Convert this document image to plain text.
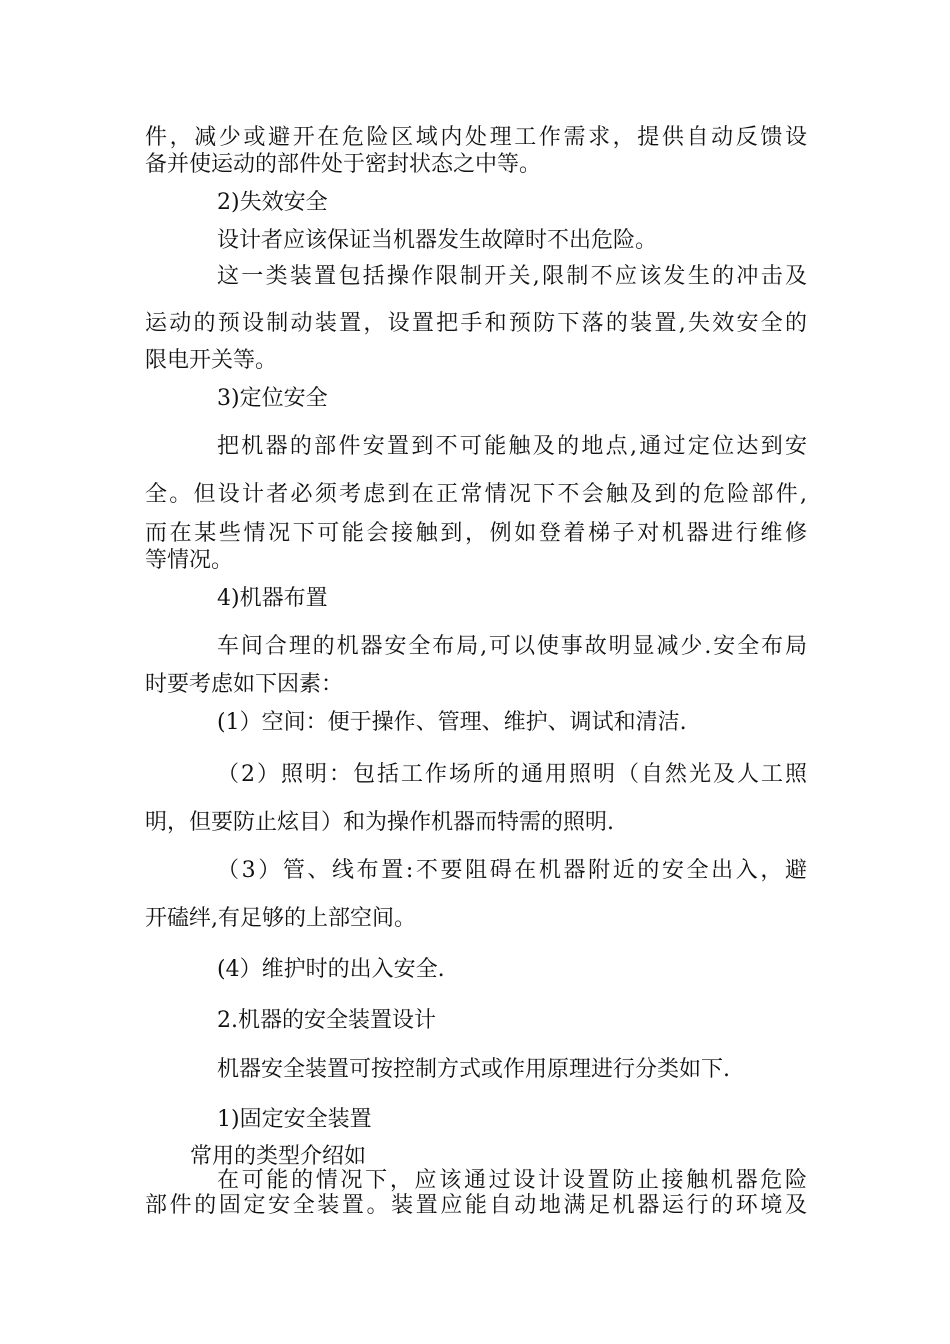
件，减少或避开在危险区域内处理工作需求，提供自动反馈设
备并使运动的部件处于密封状态之中等。
2)失效安全
设计者应该保证当机器发生故障时不出危险。
这一类装置包括操作限制开关,限制不应该发生的冲击及
运动的预设制动装置，设置把手和预防下落的装置,失效安全的
限电开关等。
3)定位安全
把机器的部件安置到不可能触及的地点,通过定位达到安
全。但设计者必须考虑到在正常情况下不会触及到的危险部件,
而在某些情况下可能会接触到，例如登着梯子对机器进行维修
等情况。
4)机器布置
车间合理的机器安全布局,可以使事故明显减少.安全布局
时要考虑如下因素：
(1）空间：便于操作、管理、维护、调试和清洁.
（2）照明：包括工作场所的通用照明（自然光及人工照
明，但要防止炫目）和为操作机器而特需的照明.
（3）管、线布置:不要阻碍在机器附近的安全出入，避
开磕绊,有足够的上部空间。
(4）维护时的出入安全.
2.机器的安全装置设计
机器安全装置可按控制方式或作用原理进行分类如下.
1)固定安全装置
常用的类型介绍如
在可能的情况下，应该通过设计设置防止接触机器危险
部件的固定安全装置。装置应能自动地满足机器运行的环境及
